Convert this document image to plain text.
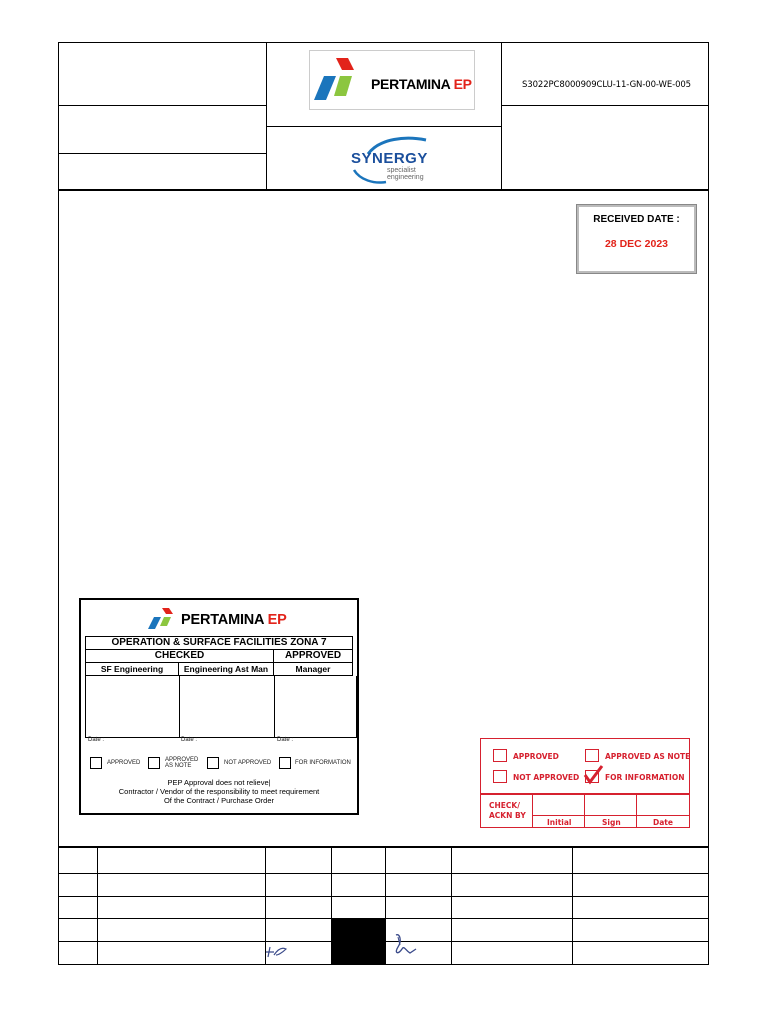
PERTAMINA EP	S3022PC8000909CLU-11-GN-00-WE-005
SYNERGY
specialist
engineering
RECEIVED DATE :
28 DEC 2023
PERTAMINA EP
OPERATION & SURFACE FACILITIES ZONA 7
CHECKED	APPROVED
SF Engineering	Engineering Ast Man	Manager
Date :	Date :	Date :
APPROVED	APPROVED
AS NOTE	NOT APPROVED	FOR INFORMATION
PEP Approval does not relieve|
Contractor / Vendor of the responsibility to meet requirement
Of the Contract / Purchase Order
APPROVED	APPROVED AS NOTE
NOT APPROVED	FOR INFORMATION
CHECK/
ACKN BY
Initial	Sign	Date
